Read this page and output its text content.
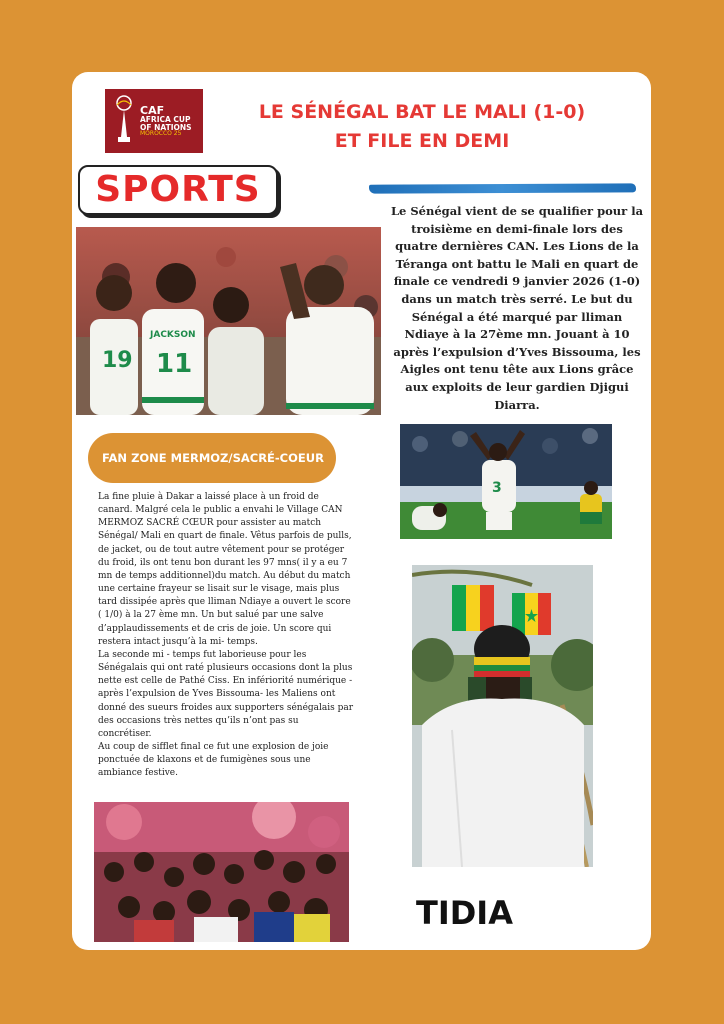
CAF
AFRICA CUP
OF NATIONS
MOROCCO 25
LE SÉNÉGAL BAT LE MALI (1-0)
ET FILE EN DEMI
SPORTS
19
JACKSON
11
Le Sénégal vient de se qualifier pour la troisième en demi-finale lors des quatre dernières CAN. Les Lions de la Téranga ont battu le Mali en quart de finale ce vendredi 9 janvier 2026 (1-0) dans un match très serré. Le but du Sénégal a été marqué par lliman Ndiaye à la 27ème mn. Jouant à 10 après l’expulsion d’Yves Bissouma, les Aigles ont tenu tête aux Lions grâce aux exploits de leur gardien Djigui Diarra.
3
FAN ZONE MERMOZ/SACRÉ-COEUR

La fine pluie à Dakar a laissé place à un froid de canard. Malgré cela le public a envahi le Village CAN MERMOZ SACRÉ CŒUR pour assister au match Sénégal/ Mali en quart de finale. Vêtus parfois de pulls, de jacket, ou de tout autre vêtement pour se protéger du froid, ils ont tenu bon durant les 97 mns( il y a eu 7 mn de temps additionnel)du match. Au début du match une certaine frayeur se lisait sur le visage, mais plus tard dissipée après que lliman Ndiaye a ouvert le score ( 1/0) à la 27 ème mn. Un but salué par une salve d’applaudissements et de cris de joie. Un score qui restera intact jusqu’à la mi- temps.

La seconde mi - temps fut laborieuse pour les Sénégalais qui ont raté plusieurs occasions dont la plus nette est celle de Pathé Ciss. En infériorité numérique -après l’expulsion de Yves Bissouma- les Maliens ont donné des sueurs froides aux supporters sénégalais par des occasions très nettes qu’ils n’ont pas su concrétiser.

Au coup de sifflet final ce fut une explosion de joie ponctuée de klaxons et de fumigènes sous une ambiance festive.

TIDIA
